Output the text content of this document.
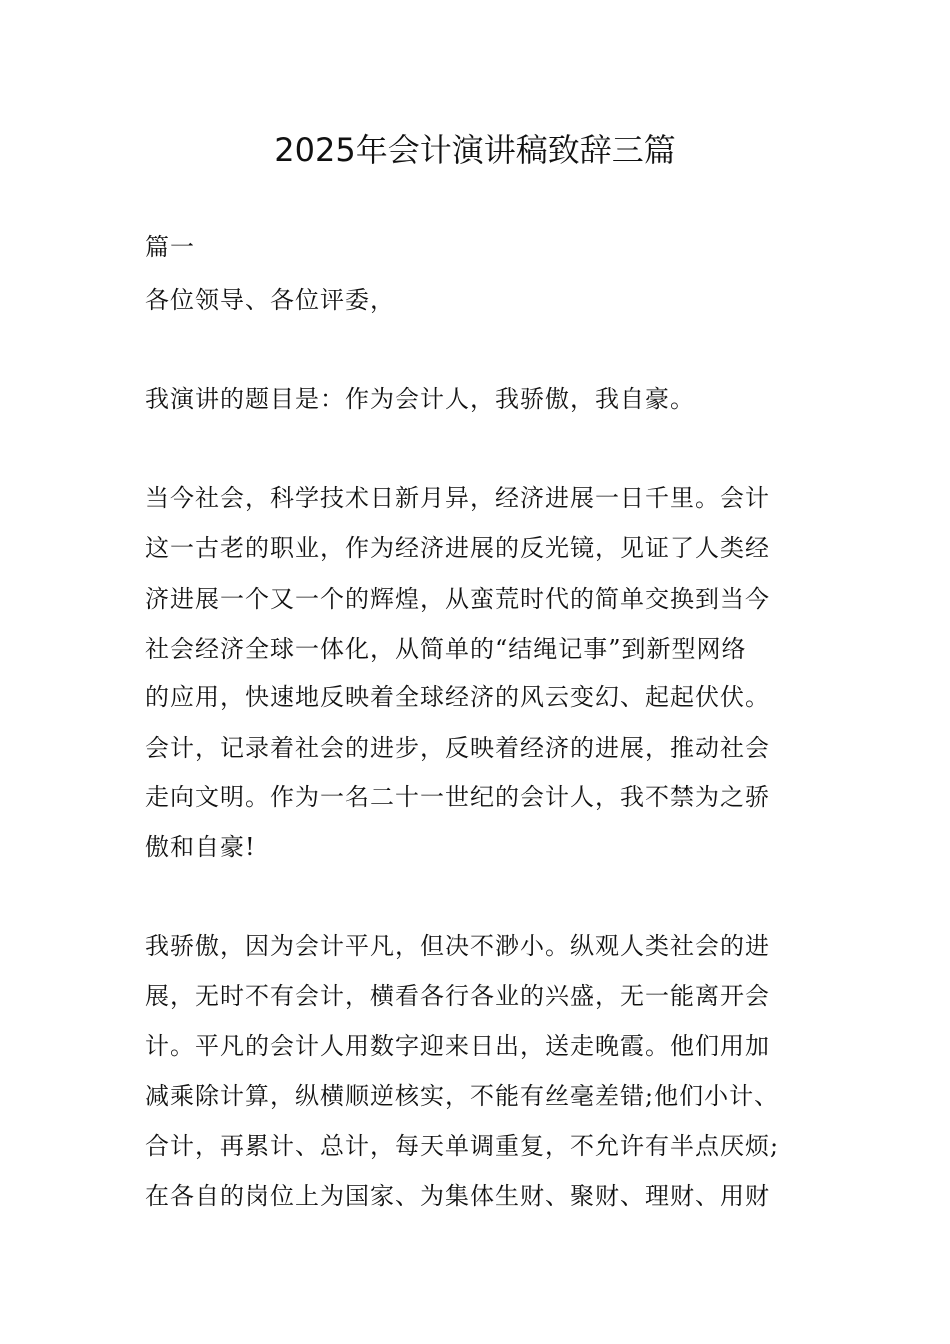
2025年会计演讲稿致辞三篇
篇一
各位领导、各位评委，
我演讲的题目是：作为会计人，我骄傲，我自豪。
当今社会，科学技术日新月异，经济进展一日千里。会计
这一古老的职业，作为经济进展的反光镜，见证了人类经
济进展一个又一个的辉煌，从蛮荒时代的简单交换到当今
社会经济全球一体化，从简单的“结绳记事”到新型网络
的应用，快速地反映着全球经济的风云变幻、起起伏伏。
会计，记录着社会的进步，反映着经济的进展，推动社会
走向文明。作为一名二十一世纪的会计人，我不禁为之骄
傲和自豪!
我骄傲，因为会计平凡，但决不渺小。纵观人类社会的进
展，无时不有会计，横看各行各业的兴盛，无一能离开会
计。平凡的会计人用数字迎来日出，送走晚霞。他们用加
减乘除计算，纵横顺逆核实，不能有丝毫差错;他们小计、
合计，再累计、总计，每天单调重复，不允许有半点厌烦;
在各自的岗位上为国家、为集体生财、聚财、理财、用财
